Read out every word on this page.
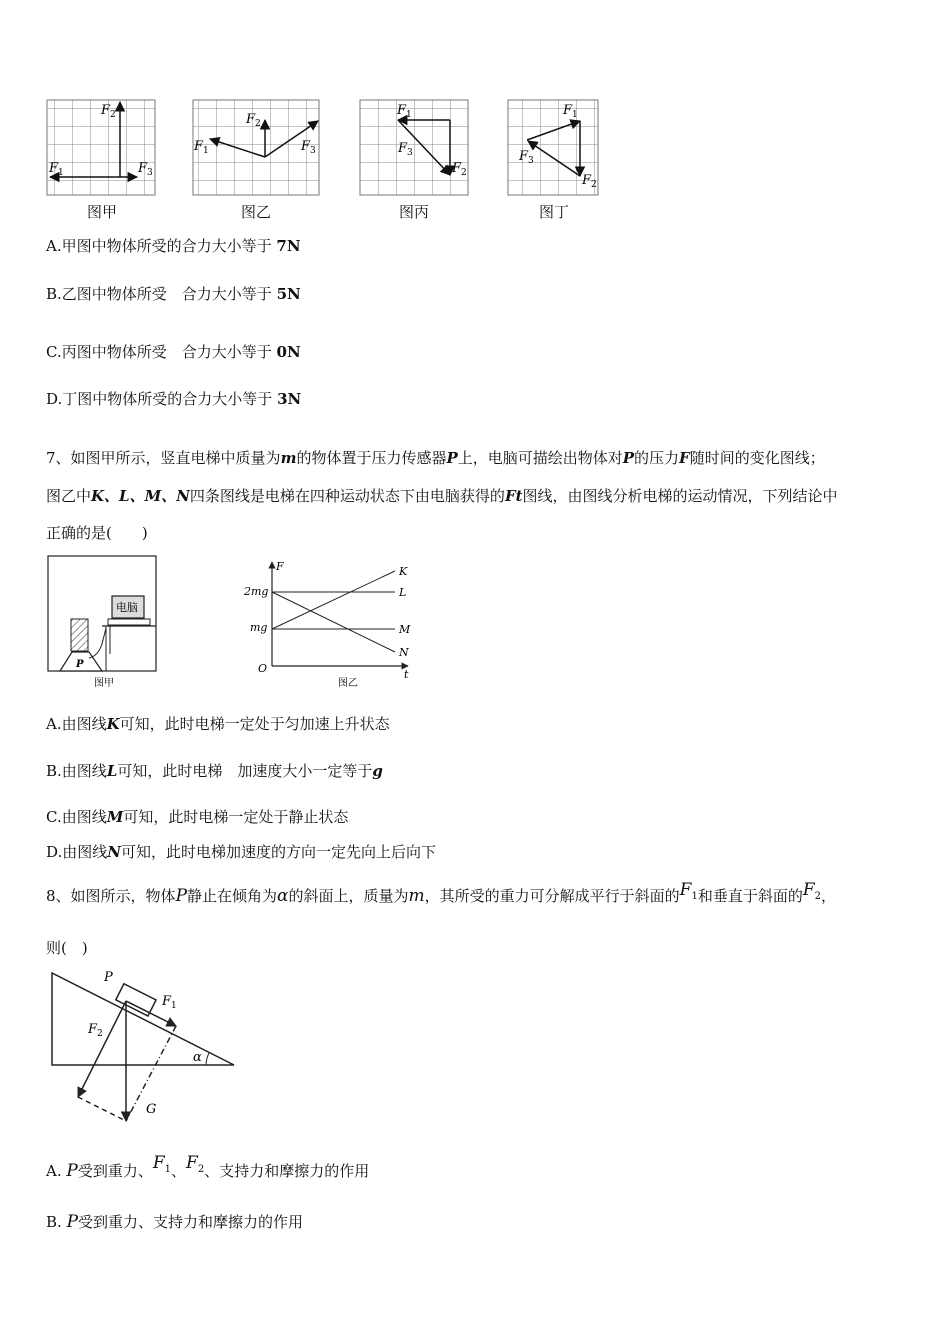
$F_2$
$F_1$	$F_3$
$F_2$
$F_1$	$F_3$
$F_1$
$F_3$
$F_2$
$F_1$
$F_3$
$F_2$
图甲	图乙	图丙	图丁
A.甲图中物体所受的合力大小等于 7N
B.乙图中物体所受　合力大小等于 5N
C.丙图中物体所受　合力大小等于 0N
D.丁图中物体所受的合力大小等于 3N
7、如图甲所示，竖直电梯中质量为m的物体置于压力传感器P上，电脑可描绘出物体对P的压力F随时间的变化图线；
图乙中K、L、M、N四条图线是电梯在四种运动状态下由电脑获得的Ft图线，由图线分析电梯的运动情况，下列结论中
正确的是(　　)
P
电脑
图甲
F
t
O
2mg
mg
K
L
M
N
图乙
A.由图线K可知，此时电梯一定处于匀加速上升状态
B.由图线L可知，此时电梯　加速度大小一定等于g
C.由图线M可知，此时电梯一定处于静止状态
D.由图线N可知，此时电梯加速度的方向一定先向上后向下
8、如图所示，物体P静止在倾角为α的斜面上，质量为m，其所受的重力可分解成平行于斜面的$F_1$和垂直于斜面的$F_2$，
则(　)
P
G
F 1
F 2
α
A. P受到重力、$F_1$、$F_2$、支持力和摩擦力的作用
B. P受到重力、支持力和摩擦力的作用
